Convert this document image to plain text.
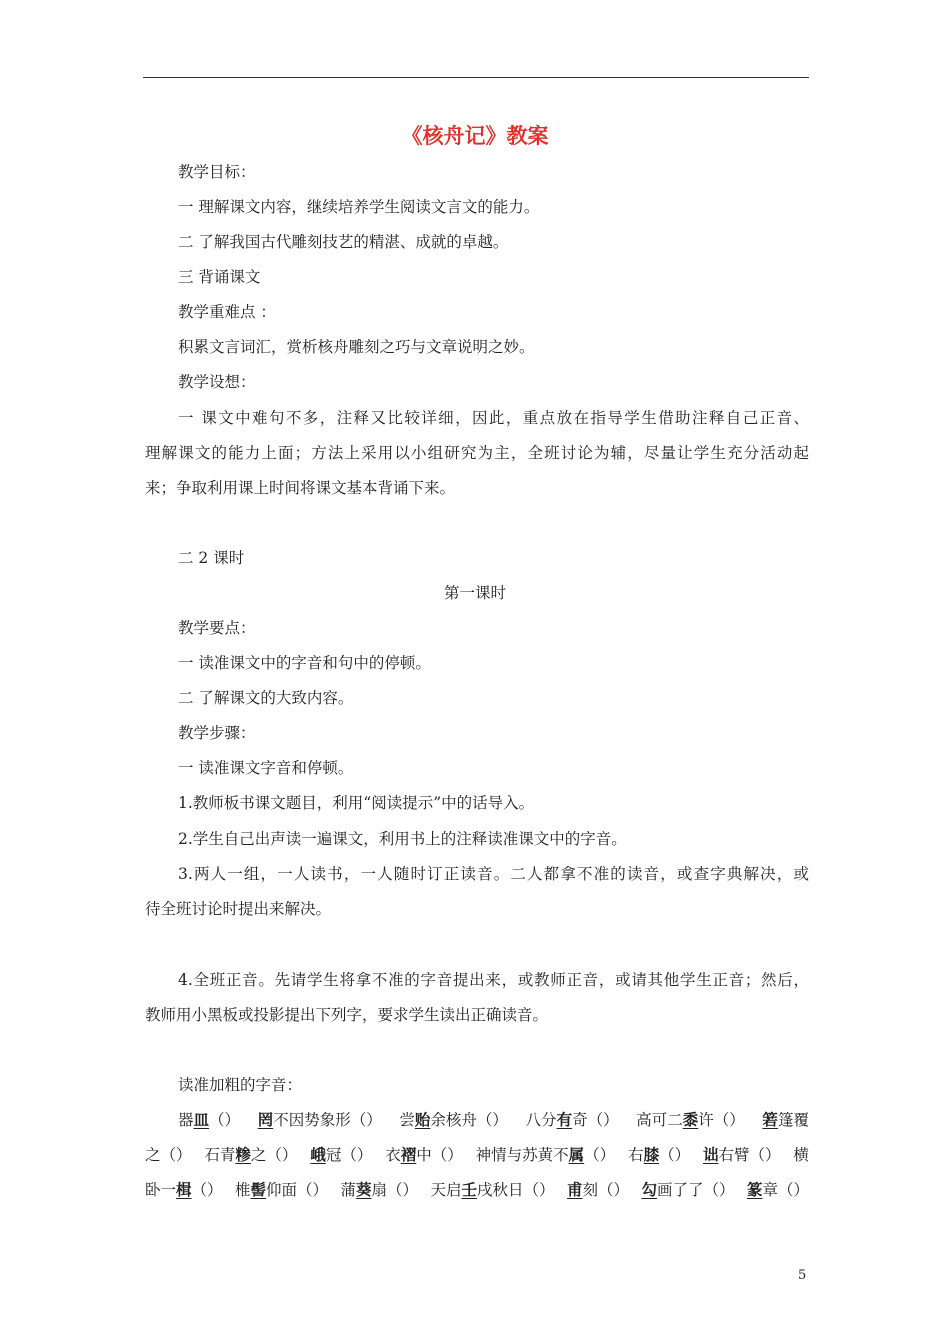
《核舟记》教案
教学目标：
一 理解课文内容，继续培养学生阅读文言文的能力。
二 了解我国古代雕刻技艺的精湛、成就的卓越。
三 背诵课文
教学重难点 ：
积累文言词汇，赏析核舟雕刻之巧与文章说明之妙。
教学设想：
一 课文中难句不多，注释又比较详细，因此，重点放在指导学生借助注释自己正音、
理解课文的能力上面；方法上采用以小组研究为主，全班讨论为辅，尽量让学生充分活动起
来；争取利用课上时间将课文基本背诵下来。
二 2 课时
第一课时
教学要点：
一 读准课文中的字音和句中的停顿。
二 了解课文的大致内容。
教学步骤：
一 读准课文字音和停顿。
1.教师板书课文题目，利用“阅读提示”中的话导入。
2.学生自己出声读一遍课文，利用书上的注释读准课文中的字音。
3.两人一组，一人读书，一人随时订正读音。二人都拿不准的读音，或查字典解决，或
待全班讨论时提出来解决。
4.全班正音。先请学生将拿不准的字音提出来，或教师正音，或请其他学生正音；然后，
教师用小黑板或投影提出下列字，要求学生读出正确读音。
读准加粗的字音：
器皿（） 罔不因势象形（） 尝贻余核舟（） 八分有奇（） 高可二黍许（） 箬篷覆
之（） 石青糁之（） 峨冠（） 衣褶中（） 神情与苏黄不属（） 右膝（） 诎右臂（） 横
卧一楫（） 椎髻仰面（） 蒲葵扇（） 天启壬戌秋日（） 甫刻（） 勾画了了（） 篆章（）
5
